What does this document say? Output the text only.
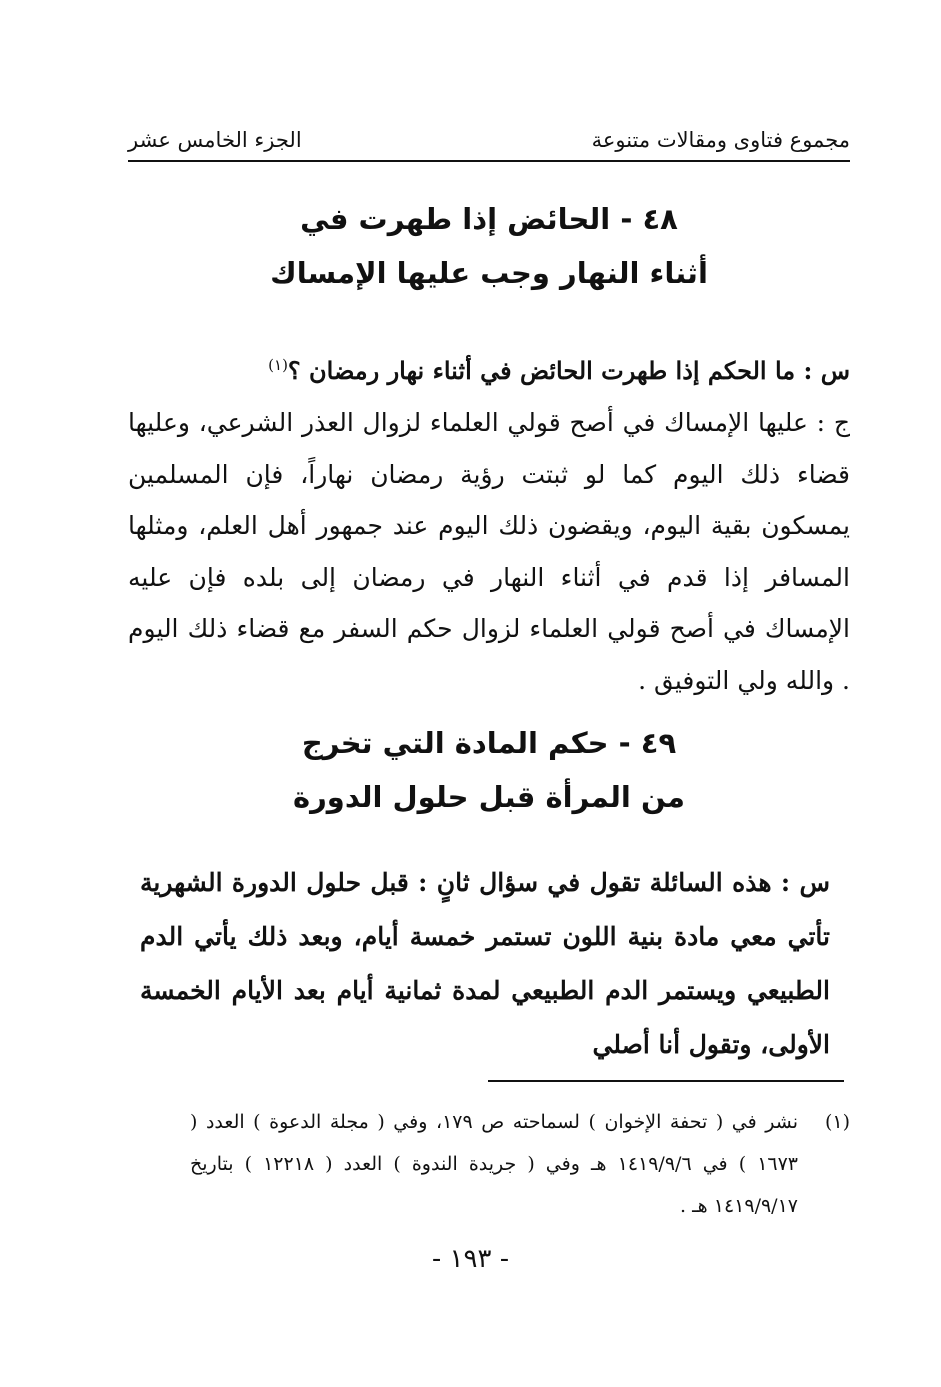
مجموع فتاوى ومقالات متنوعة
الجزء الخامس عشر
٤٨ - الحائض إذا طهرت في
أثناء النهار وجب عليها الإمساك
س : ما الحكم إذا طهرت الحائض في أثناء نهار رمضان ؟$^{(١)}$
ج : عليها الإمساك في أصح قولي العلماء لزوال العذر الشرعي، وعليها قضاء ذلك اليوم كما لو ثبتت رؤية رمضان نهاراً، فإن المسلمين يمسكون بقية اليوم، ويقضون ذلك اليوم عند جمهور أهل العلم، ومثلها المسافر إذا قدم في أثناء النهار في رمضان إلى بلده فإن عليه الإمساك في أصح قولي العلماء لزوال حكم السفر مع قضاء ذلك اليوم . والله ولي التوفيق .
٤٩ - حكم المادة التي تخرج
من المرأة قبل حلول الدورة
س : هذه السائلة تقول في سؤال ثانٍ : قبل حلول الدورة الشهرية تأتي معي مادة بنية اللون تستمر خمسة أيام، وبعد ذلك يأتي الدم الطبيعي ويستمر الدم الطبيعي لمدة ثمانية أيام بعد الأيام الخمسة الأولى، وتقول أنا أصلي
(١)
نشر في ( تحفة الإخوان ) لسماحته ص ١٧٩، وفي ( مجلة الدعوة ) العدد ( ١٦٧٣ ) في ١٤١٩/٩/٦ هـ وفي ( جريدة الندوة ) العدد ( ١٢٢١٨ ) بتاريخ ١٤١٩/٩/١٧ هـ .
- ١٩٣ -
